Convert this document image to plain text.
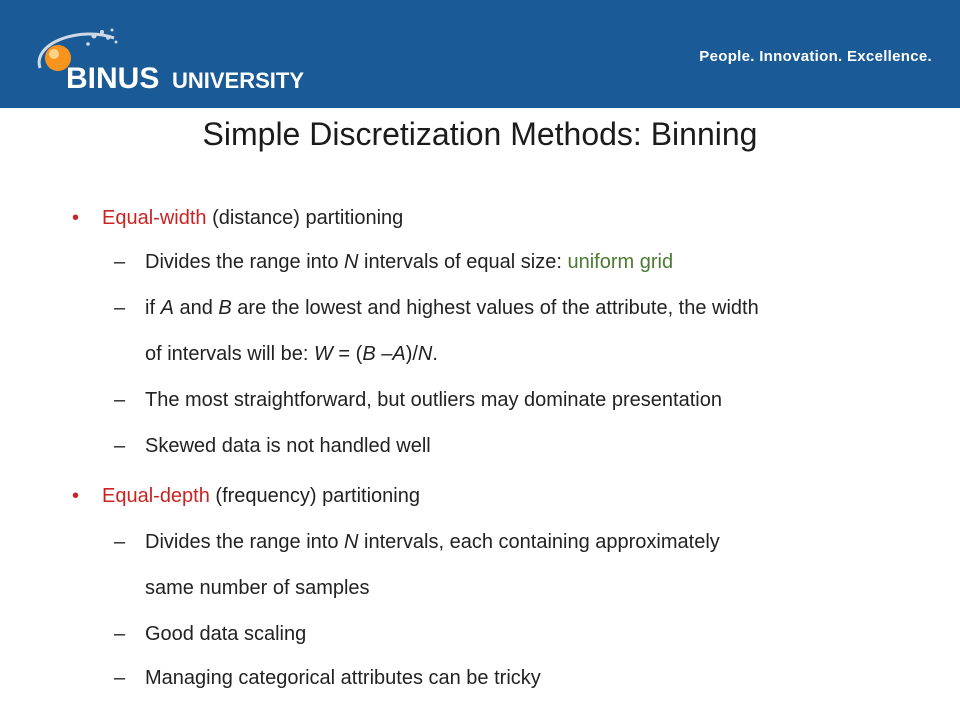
BINUS UNIVERSITY
People. Innovation. Excellence.
Simple Discretization Methods: Binning
• Equal-width (distance) partitioning
– Divides the range into N intervals of equal size: uniform grid
– if A and B are the lowest and highest values of the attribute, the width
of intervals will be: W = (B –A)/N.
– The most straightforward, but outliers may dominate presentation
– Skewed data is not handled well
• Equal-depth (frequency) partitioning
– Divides the range into N intervals, each containing approximately
same number of samples
– Good data scaling
– Managing categorical attributes can be tricky
